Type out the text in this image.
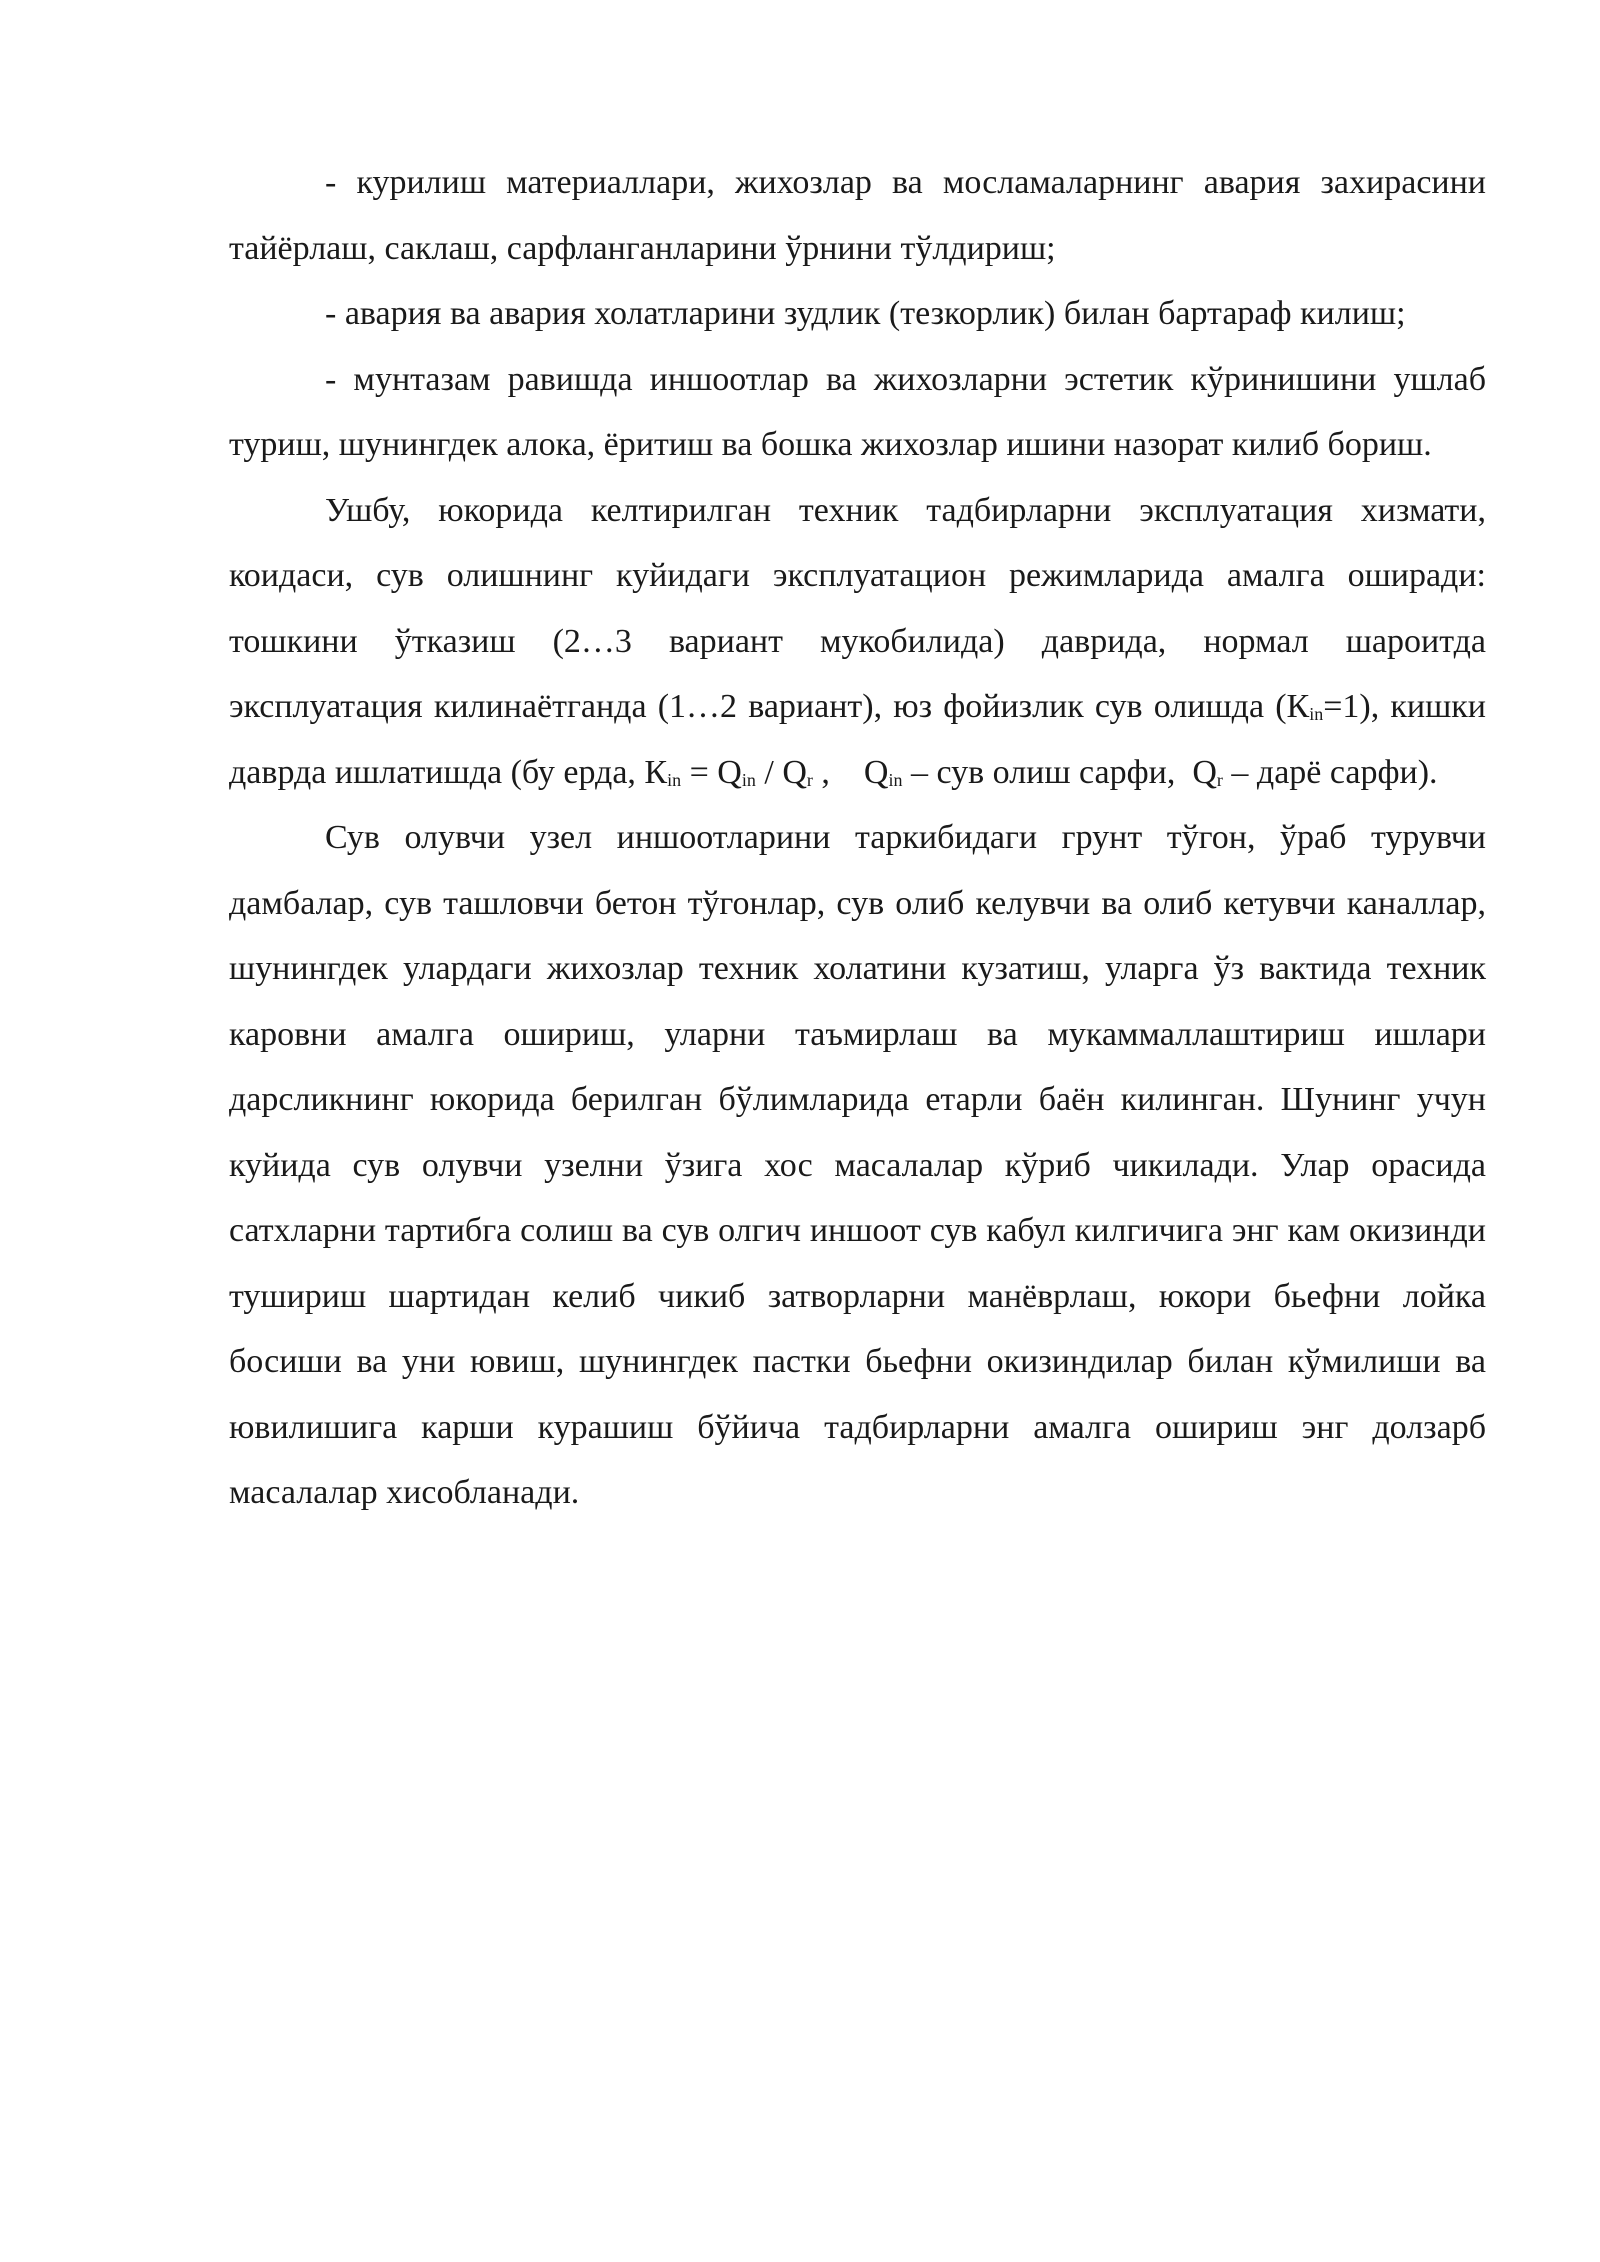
- курилиш материаллари, жихозлар ва мосламаларнинг авария захирасини тайёрлаш, саклаш, сарфланганларини ўрнини тўлдириш;

- авария ва авария холатларини зудлик (тезкорлик) билан бартараф килиш;

- мунтазам равишда иншоотлар ва жихозларни эстетик кўринишини ушлаб туриш, шунингдек алока, ёритиш ва бошка жихозлар ишини назорат килиб бориш.

Ушбу, юкорида келтирилган техник тадбирларни эксплуатация хизмати, коидаси, сув олишнинг куйидаги эксплуатацион режимларида амалга оширади: тошкини ўтказиш (2…3 вариант мукобилида) даврида, нормал шароитда эксплуатация килинаётганда (1…2 вариант), юз фойизлик сув олишда $(К_{in}=1)$, кишки даврда ишлатишда (бу ерда, $К_{in} = Q_{in} / Q_r$ ,    $Q_{in}$ – сув олиш сарфи,  $Q_r$ – дарё сарфи).

Сув олувчи узел иншоотларини таркибидаги грунт тўгон, ўраб турувчи дамбалар, сув ташловчи бетон тўгонлар, сув олиб келувчи ва олиб кетувчи каналлар, шунингдек улардаги жихозлар техник холатини кузатиш, уларга ўз вактида техник каровни амалга ошириш, уларни таъмирлаш ва мукаммаллаштириш ишлари дарсликнинг юкорида берилган бўлимларида етарли баён килинган. Шунинг учун куйида сув олувчи узелни ўзига хос масалалар кўриб чикилади. Улар орасида сатхларни тартибга солиш ва сув олгич иншоот сув кабул килгичига энг кам окизинди тушириш шартидан келиб чикиб затворларни манёврлаш, юкори бьефни лойка босиши ва уни ювиш, шунингдек пастки бьефни окизиндилар билан кўмилиши ва ювилишига карши курашиш бўйича тадбирларни амалга ошириш энг долзарб масалалар хисобланади.
